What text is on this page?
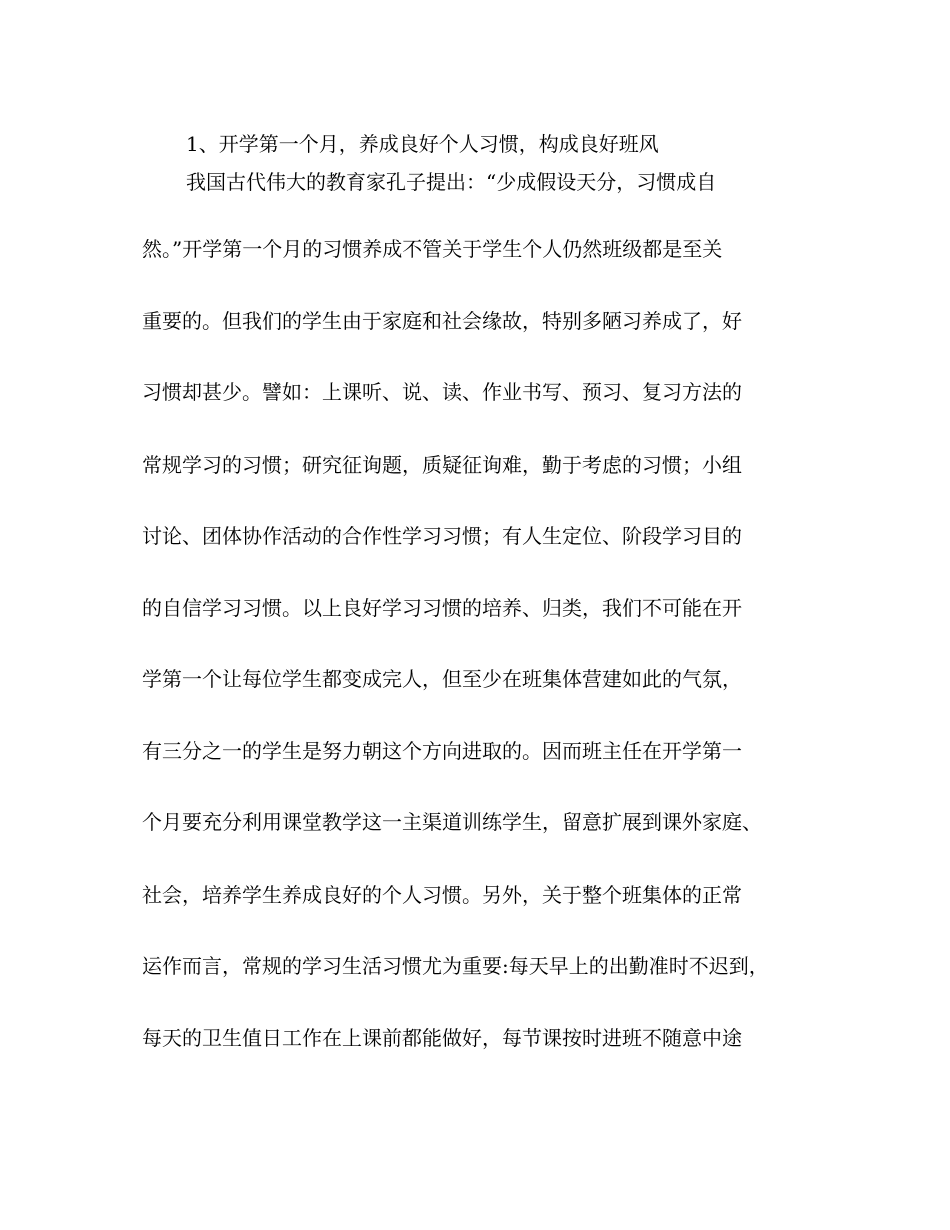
1、开学第一个月，养成良好个人习惯，构成良好班风
我国古代伟大的教育家孔子提出：“少成假设天分，习惯成自
然。”开学第一个月的习惯养成不管关于学生个人仍然班级都是至关
重要的。但我们的学生由于家庭和社会缘故，特别多陋习养成了，好
习惯却甚少。譬如：上课听、说、读、作业书写、预习、复习方法的
常规学习的习惯；研究征询题，质疑征询难，勤于考虑的习惯；小组
讨论、团体协作活动的合作性学习习惯；有人生定位、阶段学习目的
的自信学习习惯。以上良好学习习惯的培养、归类，我们不可能在开
学第一个让每位学生都变成完人，但至少在班集体营建如此的气氛，
有三分之一的学生是努力朝这个方向进取的。因而班主任在开学第一
个月要充分利用课堂教学这一主渠道训练学生，留意扩展到课外家庭、
社会，培养学生养成良好的个人习惯。另外，关于整个班集体的正常
运作而言，常规的学习生活习惯尤为重要:每天早上的出勤准时不迟到，
每天的卫生值日工作在上课前都能做好，每节课按时进班不随意中途
